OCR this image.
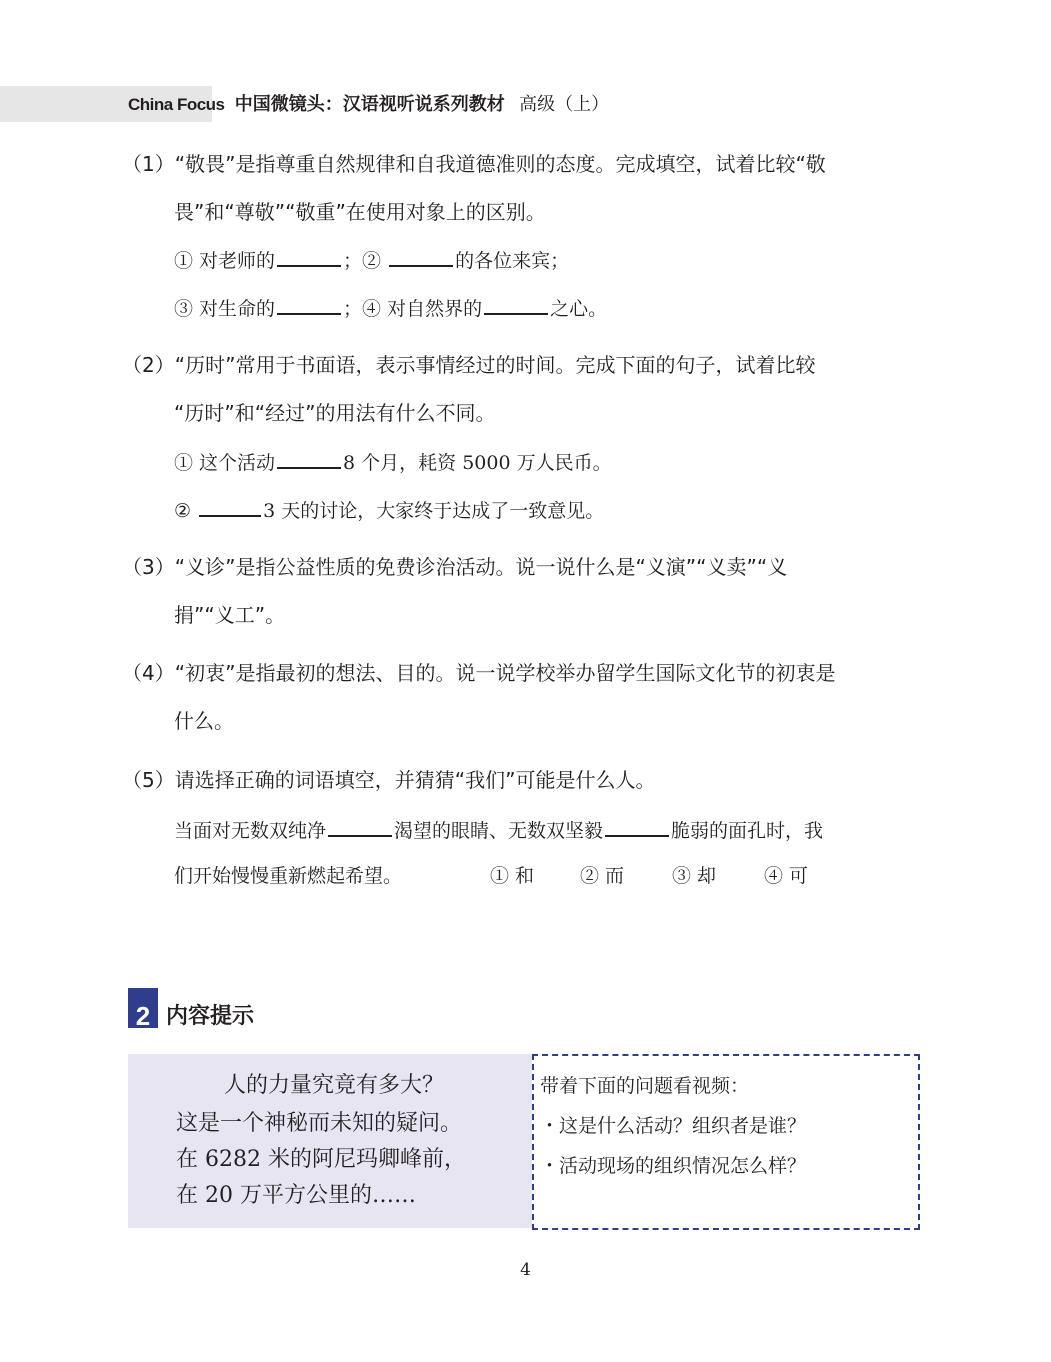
China Focus 中国微镜头：汉语视听说系列教材 高级（上）
（1）“敬畏”是指尊重自然规律和自我道德准则的态度。完成填空，试着比较“敬
畏”和“尊敬”“敬重”在使用对象上的区别。
① 对老师的	；②	的各位来宾；
③ 对生命的	；④ 对自然界的	之心。
（2）“历时”常用于书面语，表示事情经过的时间。完成下面的句子，试着比较
“历时”和“经过”的用法有什么不同。
① 这个活动	8 个月，耗资 5000 万人民币。
②	3 天的讨论，大家终于达成了一致意见。
（3）“义诊”是指公益性质的免费诊治活动。说一说什么是“义演”“义卖”“义
捐”“义工”。
（4）“初衷”是指最初的想法、目的。说一说学校举办留学生国际文化节的初衷是
什么。
（5）请选择正确的词语填空，并猜猜“我们”可能是什么人。
当面对无数双纯净	渴望的眼睛、无数双坚毅	脆弱的面孔时，我
们开始慢慢重新燃起希望。	① 和 ② 而	③ 却	④ 可
2 内容提示
人的力量究竟有多大？
这是一个神秘而未知的疑问。
在 6282 米的阿尼玛卿峰前，
在 20 万平方公里的……
带着下面的问题看视频：
・这是什么活动？组织者是谁？
・活动现场的组织情况怎么样？
4
